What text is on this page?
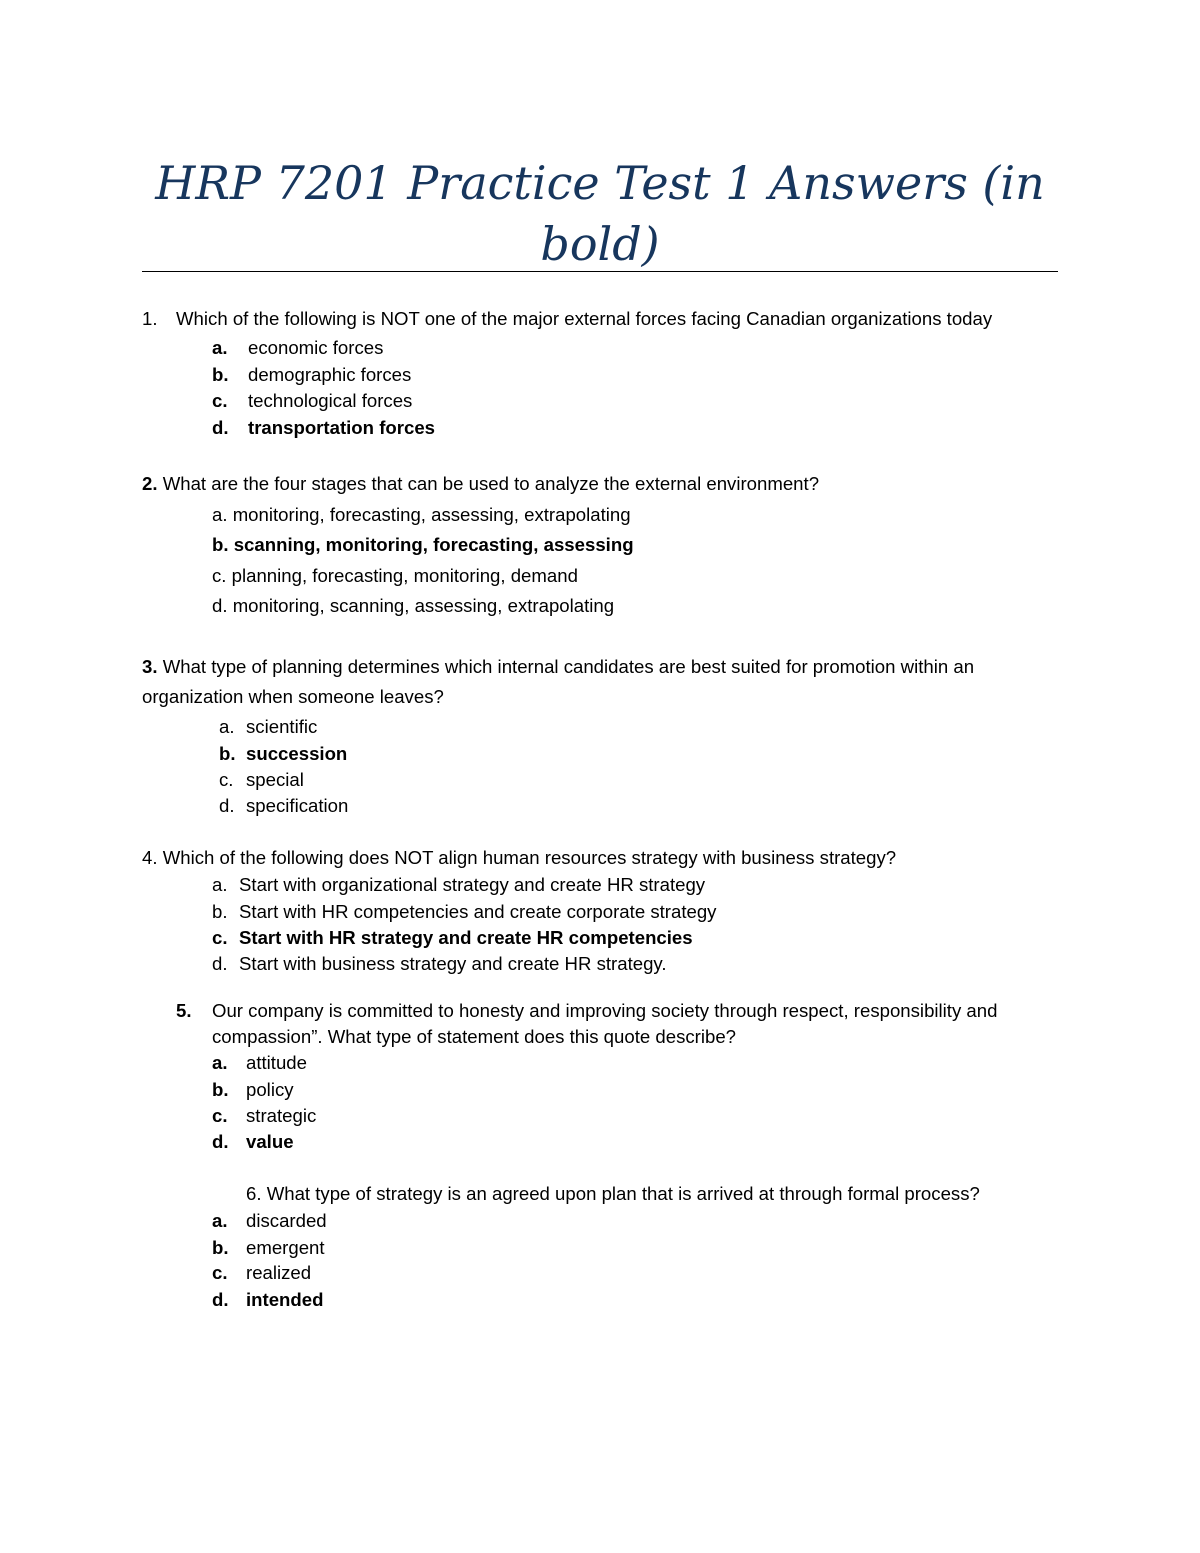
HRP 7201 Practice Test 1 Answers (in bold)
1. Which of the following is NOT one of the major external forces facing Canadian organizations today
a. economic forces
b. demographic forces
c. technological forces
d. transportation forces
2. What are the four stages that can be used to analyze the external environment?
a. monitoring, forecasting, assessing, extrapolating
b. scanning, monitoring, forecasting, assessing
c. planning, forecasting, monitoring, demand
d. monitoring, scanning, assessing, extrapolating
3. What type of planning determines which internal candidates are best suited for promotion within an
organization when someone leaves?
a. scientific
b. succession
c. special
d. specification
4. Which of the following does NOT align human resources strategy with business strategy?
a. Start with organizational strategy and create HR strategy
b. Start with HR competencies and create corporate strategy
c. Start with HR strategy and create HR competencies
d. Start with business strategy and create HR strategy.
5. Our company is committed to honesty and improving society through respect, responsibility and
compassion”. What type of statement does this quote describe?
a. attitude
b. policy
c. strategic
d. value
6. What type of strategy is an agreed upon plan that is arrived at through formal process?
a. discarded
b. emergent
c. realized
d. intended
